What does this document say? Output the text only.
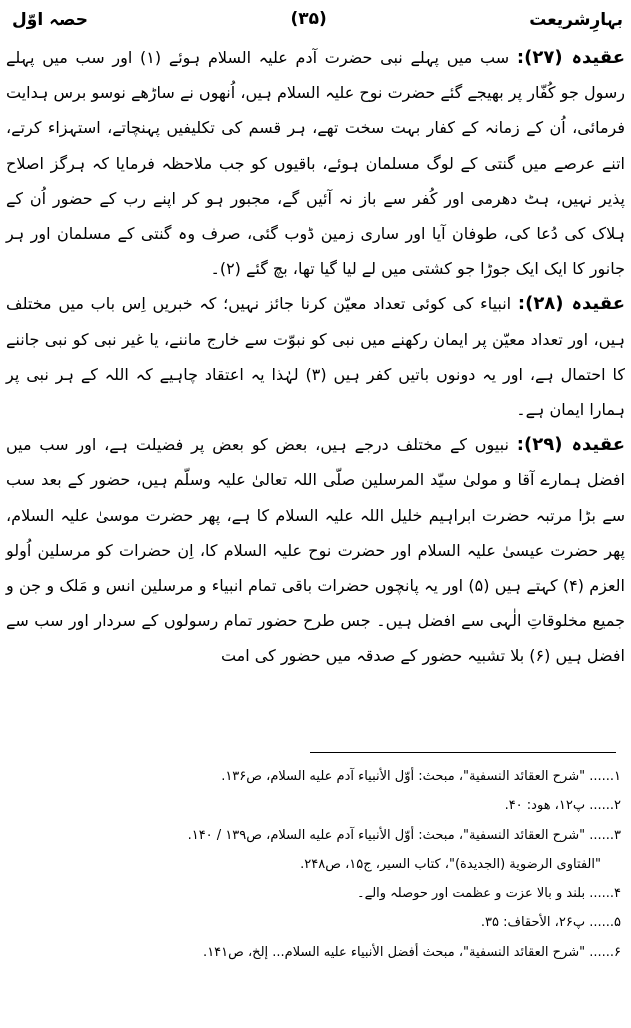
بہارِشریعت
(۳۵)
حصہ اوّل

عقیدہ (۲۷): سب میں پہلے نبی حضرت آدم علیہ السلام ہوئے (۱) اور سب میں پہلے رسول جو کُفّار پر بھیجے گئے حضرت نوح علیہ السلام ہیں، اُنھوں نے ساڑھے نوسو برس ہدایت فرمائی، اُن کے زمانہ کے کفار بہت سخت تھے، ہر قسم کی تکلیفیں پہنچاتے، استہزاء کرتے، اتنے عرصے میں گنتی کے لوگ مسلمان ہوئے، باقیوں کو جب ملاحظہ فرمایا کہ ہرگز اصلاح پذیر نہیں، ہٹ دھرمی اور کُفر سے باز نہ آئیں گے، مجبور ہو کر اپنے رب کے حضور اُن کے ہلاک کی دُعا کی، طوفان آیا اور ساری زمین ڈوب گئی، صرف وہ گنتی کے مسلمان اور ہر جانور کا ایک ایک جوڑا جو کشتی میں لے لیا گیا تھا، بچ گئے (۲)۔

عقیدہ (۲۸): انبیاء کی کوئی تعداد معیّن کرنا جائز نہیں؛ کہ خبریں اِس باب میں مختلف ہیں، اور تعداد معیّن پر ایمان رکھنے میں نبی کو نبوّت سے خارج ماننے، یا غیر نبی کو نبی جاننے کا احتمال ہے، اور یہ دونوں باتیں کفر ہیں (۳) لہٰذا یہ اعتقاد چاہیے کہ اللہ کے ہر نبی پر ہمارا ایمان ہے۔

عقیدہ (۲۹): نبیوں کے مختلف درجے ہیں، بعض کو بعض پر فضیلت ہے، اور سب میں افضل ہمارے آقا و مولیٰ سیّد المرسلین صلّی اللہ تعالیٰ علیہ وسلّم ہیں، حضور کے بعد سب سے بڑا مرتبہ حضرت ابراہیم خلیل اللہ علیہ السلام کا ہے، پھر حضرت موسیٰ علیہ السلام، پھر حضرت عیسیٰ علیہ السلام اور حضرت نوح علیہ السلام کا، اِن حضرات کو مرسلین اُولو العزم (۴) کہتے ہیں (۵) اور یہ پانچوں حضرات باقی تمام انبیاء و مرسلین انس و مَلک و جن و جمیع مخلوقاتِ الٰہی سے افضل ہیں۔ جس طرح حضور تمام رسولوں کے سردار اور سب سے افضل ہیں (۶) بلا تشبیہ حضور کے صدقہ میں حضور کی امت

۱...... "شرح العقائد النسفية"، مبحث: أوّل الأنبياء آدم عليه السلام، ص۱۳۶.
۲...... پ۱۲، هود: ۴۰.
۳...... "شرح العقائد النسفية"، مبحث: أوّل الأنبياء آدم عليه السلام، ص۱۳۹ / ۱۴۰.
"الفتاوى الرضوية (الجديدة)"، كتاب السير، ج۱۵، ص۲۴۸.
۴...... بلند و بالا عزت و عظمت اور حوصلہ والے۔
۵...... پ۲۶، الأحقاف: ۳۵.
۶...... "شرح العقائد النسفية"، مبحث أفضل الأنبياء عليه السلام... إلخ، ص۱۴۱.
